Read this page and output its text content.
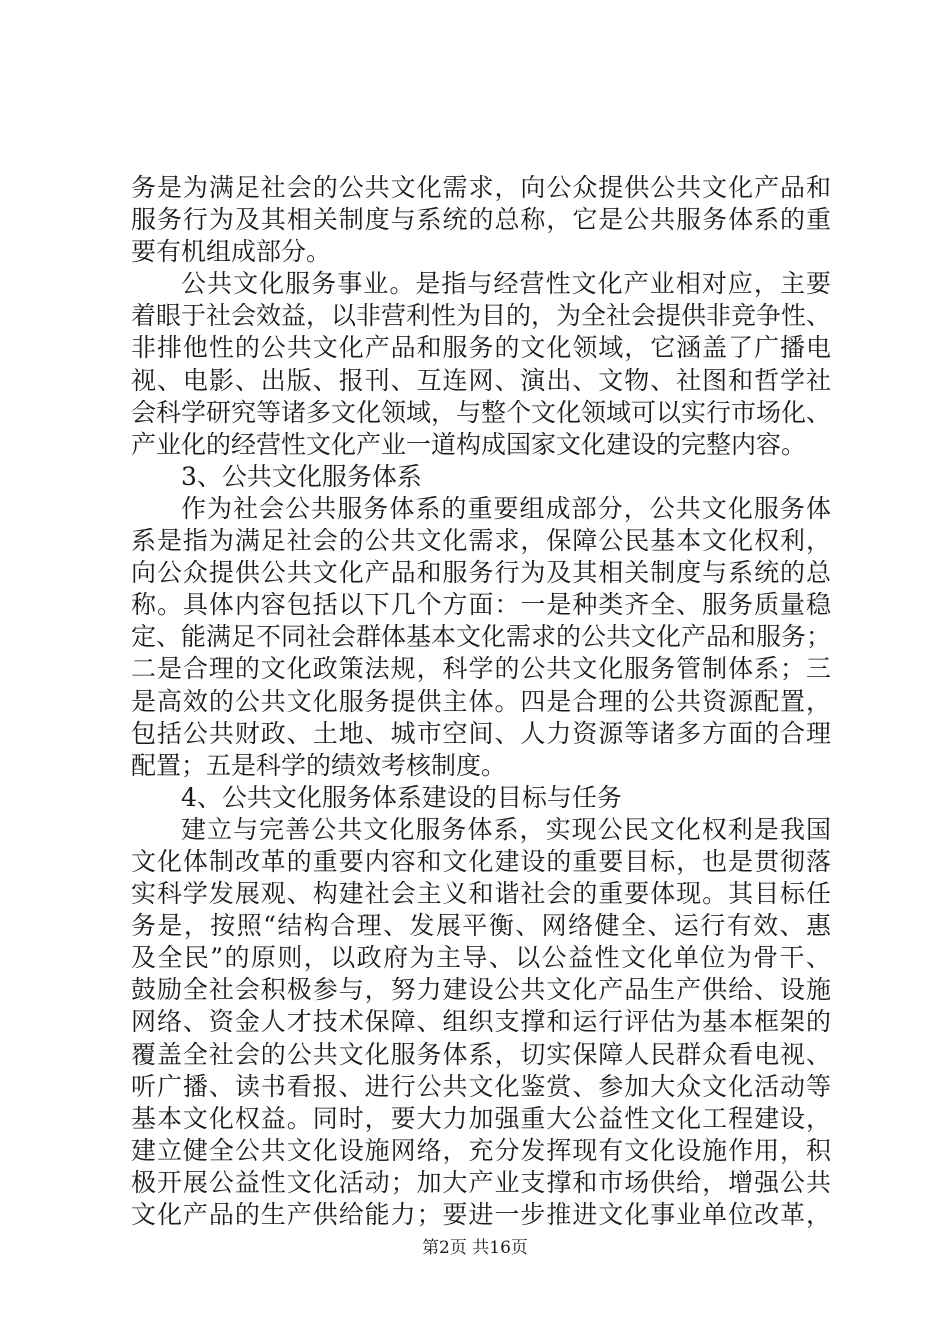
务是为满足社会的公共文化需求，向公众提供公共文化产品和
服务行为及其相关制度与系统的总称，它是公共服务体系的重
要有机组成部分。
公共文化服务事业。是指与经营性文化产业相对应，主要
着眼于社会效益，以非营利性为目的，为全社会提供非竞争性、
非排他性的公共文化产品和服务的文化领域，它涵盖了广播电
视、电影、出版、报刊、互连网、演出、文物、社图和哲学社
会科学研究等诸多文化领域，与整个文化领域可以实行市场化、
产业化的经营性文化产业一道构成国家文化建设的完整内容。
3、公共文化服务体系
作为社会公共服务体系的重要组成部分，公共文化服务体
系是指为满足社会的公共文化需求，保障公民基本文化权利，
向公众提供公共文化产品和服务行为及其相关制度与系统的总
称。具体内容包括以下几个方面：一是种类齐全、服务质量稳
定、能满足不同社会群体基本文化需求的公共文化产品和服务；
二是合理的文化政策法规，科学的公共文化服务管制体系；三
是高效的公共文化服务提供主体。四是合理的公共资源配置，
包括公共财政、土地、城市空间、人力资源等诸多方面的合理
配置；五是科学的绩效考核制度。
4、公共文化服务体系建设的目标与任务
建立与完善公共文化服务体系，实现公民文化权利是我国
文化体制改革的重要内容和文化建设的重要目标，也是贯彻落
实科学发展观、构建社会主义和谐社会的重要体现。其目标任
务是，按照“结构合理、发展平衡、网络健全、运行有效、惠
及全民”的原则，以政府为主导、以公益性文化单位为骨干、
鼓励全社会积极参与，努力建设公共文化产品生产供给、设施
网络、资金人才技术保障、组织支撑和运行评估为基本框架的
覆盖全社会的公共文化服务体系，切实保障人民群众看电视、
听广播、读书看报、进行公共文化鉴赏、参加大众文化活动等
基本文化权益。同时，要大力加强重大公益性文化工程建设，
建立健全公共文化设施网络，充分发挥现有文化设施作用，积
极开展公益性文化活动；加大产业支撑和市场供给，增强公共
文化产品的生产供给能力；要进一步推进文化事业单位改革，
第2页 共16页
